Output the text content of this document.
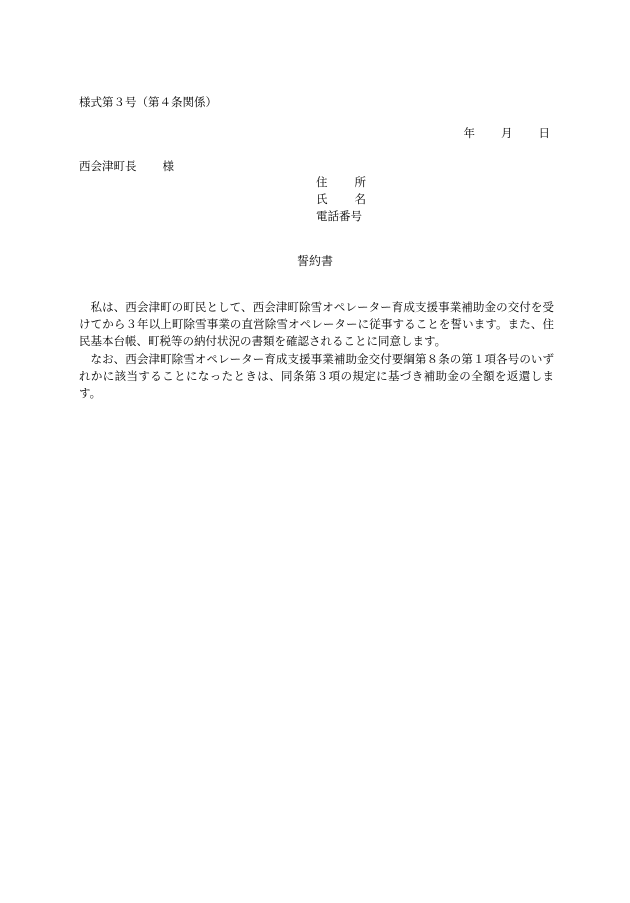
様式第３号（第４条関係）
年 月 日
西会津町長 様
住 所
氏 名
電話番号
誓約書

私は、西会津町の町民として、西会津町除雪オペレーター育成支援事業補助金の交付を受けてから３年以上町除雪事業の直営除雪オペレーターに従事することを誓います。また、住民基本台帳、町税等の納付状況の書類を確認されることに同意します。

なお、西会津町除雪オペレーター育成支援事業補助金交付要綱第８条の第１項各号のいずれかに該当することになったときは、同条第３項の規定に基づき補助金の全額を返還します。
